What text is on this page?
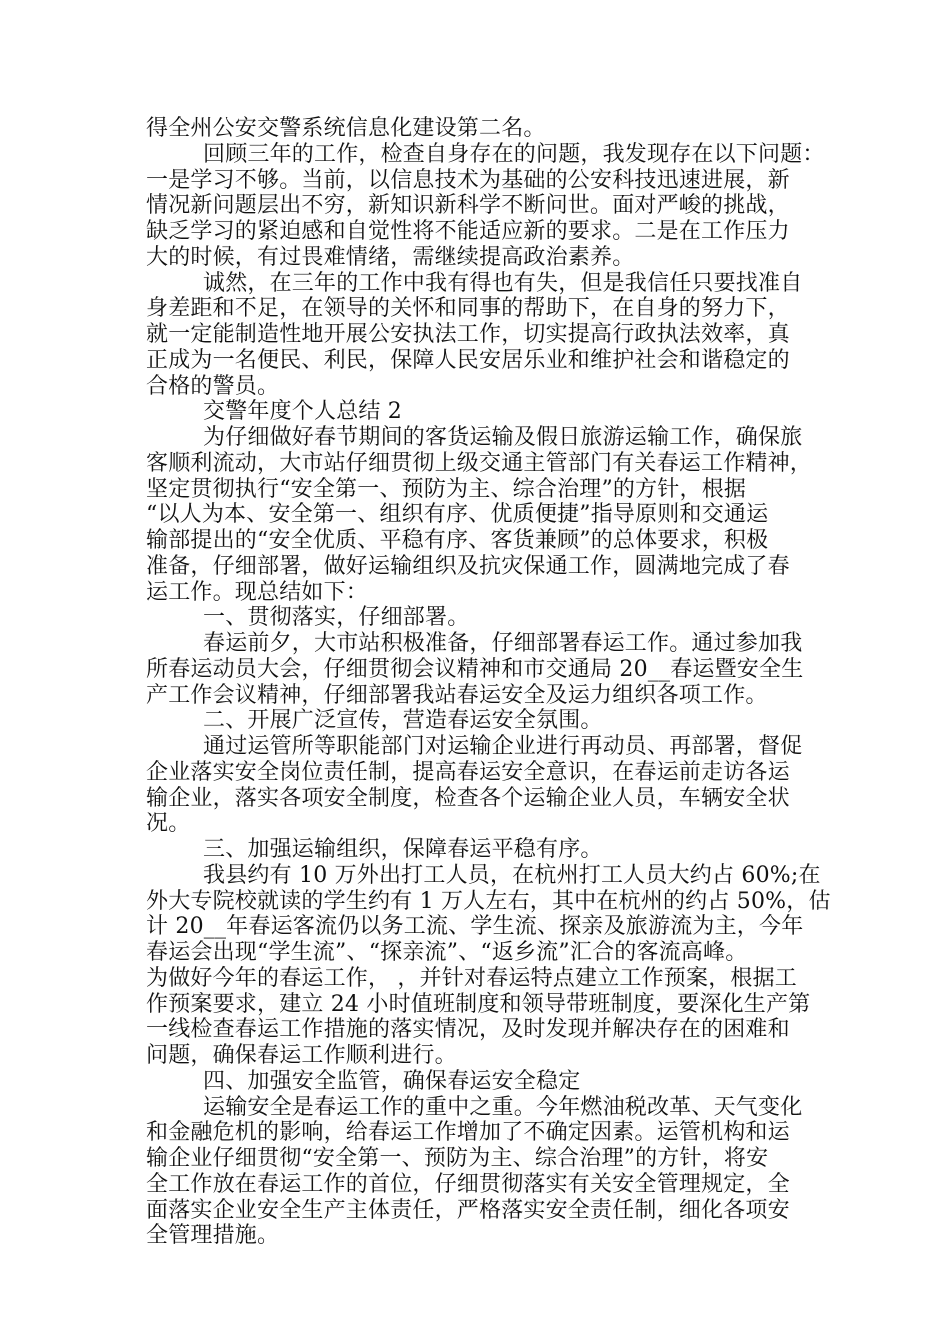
得全州公安交警系统信息化建设第二名。
回顾三年的工作，检查自身存在的问题，我发现存在以下问题：
一是学习不够。当前，以信息技术为基础的公安科技迅速进展，新
情况新问题层出不穷，新知识新科学不断问世。面对严峻的挑战，
缺乏学习的紧迫感和自觉性将不能适应新的要求。二是在工作压力
大的时候，有过畏难情绪，需继续提高政治素养。
诚然，在三年的工作中我有得也有失，但是我信任只要找准自
身差距和不足，在领导的关怀和同事的帮助下，在自身的努力下，
就一定能制造性地开展公安执法工作，切实提高行政执法效率，真
正成为一名便民、利民，保障人民安居乐业和维护社会和谐稳定的
合格的警员。
交警年度个人总结 2
为仔细做好春节期间的客货运输及假日旅游运输工作，确保旅
客顺利流动，大市站仔细贯彻上级交通主管部门有关春运工作精神，
坚定贯彻执行“安全第一、预防为主、综合治理”的方针，根据
“以人为本、安全第一、组织有序、优质便捷”指导原则和交通运
输部提出的“安全优质、平稳有序、客货兼顾”的总体要求，积极
准备，仔细部署，做好运输组织及抗灾保通工作，圆满地完成了春
运工作。现总结如下：
一、贯彻落实，仔细部署。
春运前夕，大市站积极准备，仔细部署春运工作。通过参加我
所春运动员大会，仔细贯彻会议精神和市交通局 20__春运暨安全生
产工作会议精神，仔细部署我站春运安全及运力组织各项工作。
二、开展广泛宣传，营造春运安全氛围。
通过运管所等职能部门对运输企业进行再动员、再部署，督促
企业落实安全岗位责任制，提高春运安全意识，在春运前走访各运
输企业，落实各项安全制度，检查各个运输企业人员，车辆安全状
况。
三、加强运输组织，保障春运平稳有序。
我县约有 10 万外出打工人员，在杭州打工人员大约占 60%;在
外大专院校就读的学生约有 1 万人左右，其中在杭州的约占 50%，估
计 20__年春运客流仍以务工流、学生流、探亲及旅游流为主，今年
春运会出现“学生流”、“探亲流”、“返乡流”汇合的客流高峰。
为做好今年的春运工作， ，并针对春运特点建立工作预案，根据工
作预案要求，建立 24 小时值班制度和领导带班制度，要深化生产第
一线检查春运工作措施的落实情况，及时发现并解决存在的困难和
问题，确保春运工作顺利进行。
四、加强安全监管，确保春运安全稳定
运输安全是春运工作的重中之重。今年燃油税改革、天气变化
和金融危机的影响，给春运工作增加了不确定因素。运管机构和运
输企业仔细贯彻“安全第一、预防为主、综合治理”的方针，将安
全工作放在春运工作的首位，仔细贯彻落实有关安全管理规定，全
面落实企业安全生产主体责任，严格落实安全责任制，细化各项安
全管理措施。
